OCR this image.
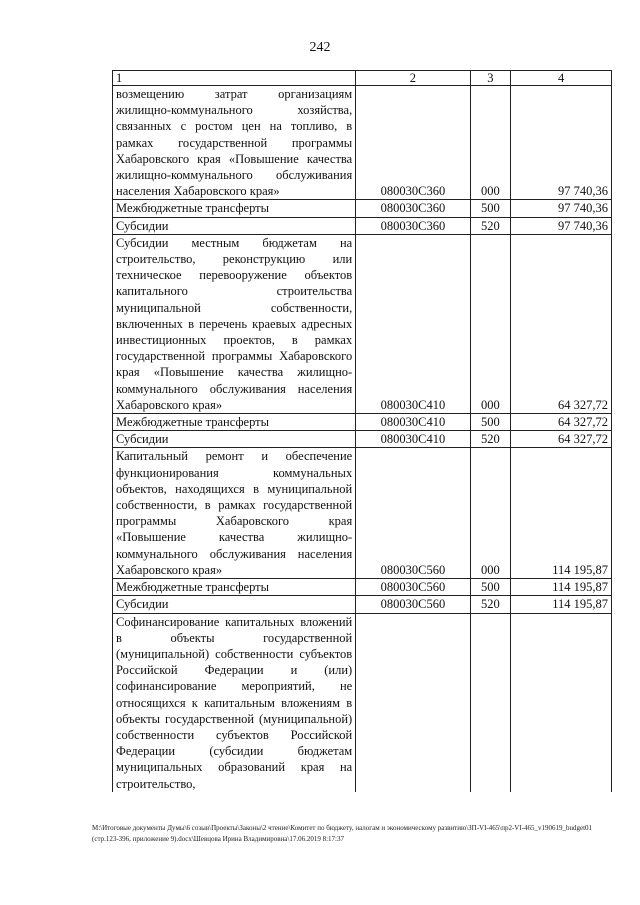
242
1	2	3	4
возмещению затрат организациям жилищно-коммунального хозяйства, связанных с ростом цен на топливо, в рамках государственной программы Хабаровского края «Повышение качества жилищно-коммунального обслуживания населения Хабаровского края»	080030С360	000	97 740,36
Межбюджетные трансферты	080030С360	500	97 740,36
Субсидии	080030С360	520	97 740,36
Субсидии местным бюджетам на строительство, реконструкцию или техническое перевооружение объектов капитального строительства муниципальной собственности, включенных в перечень краевых адресных инвестиционных проектов, в рамках государственной программы Хабаровского края «Повышение качества жилищно-коммунального обслуживания населения Хабаровского края»	080030С410	000	64 327,72
Межбюджетные трансферты	080030С410	500	64 327,72
Субсидии	080030С410	520	64 327,72
Капитальный ремонт и обеспечение функционирования коммунальных объектов, находящихся в муниципальной собственности, в рамках государственной программы Хабаровского края «Повышение качества жилищно-коммунального обслуживания населения Хабаровского края»	080030С560	000	114 195,87
Межбюджетные трансферты	080030С560	500	114 195,87
Субсидии	080030С560	520	114 195,87
Софинансирование капитальных вложений в объекты государственной (муниципальной) собственности субъектов Российской Федерации и (или) софинансирование мероприятий, не относящихся к капитальным вложениям в объекты государственной (муниципальной) собственности субъектов Российской Федерации (субсидии бюджетам муниципальных образований края на строительство,			
M:\Итоговые документы Думы\6 созыв\Проекты\Законы\2 чтение\Комитет по бюджету, налогам и экономическому развитию\ЗП-VI-465\пр2-VI-465_v190619_budget01 (стр.123-396, приложение 9).docx\Шевцова Ирина Владимировна\17.06.2019 8:17:37
